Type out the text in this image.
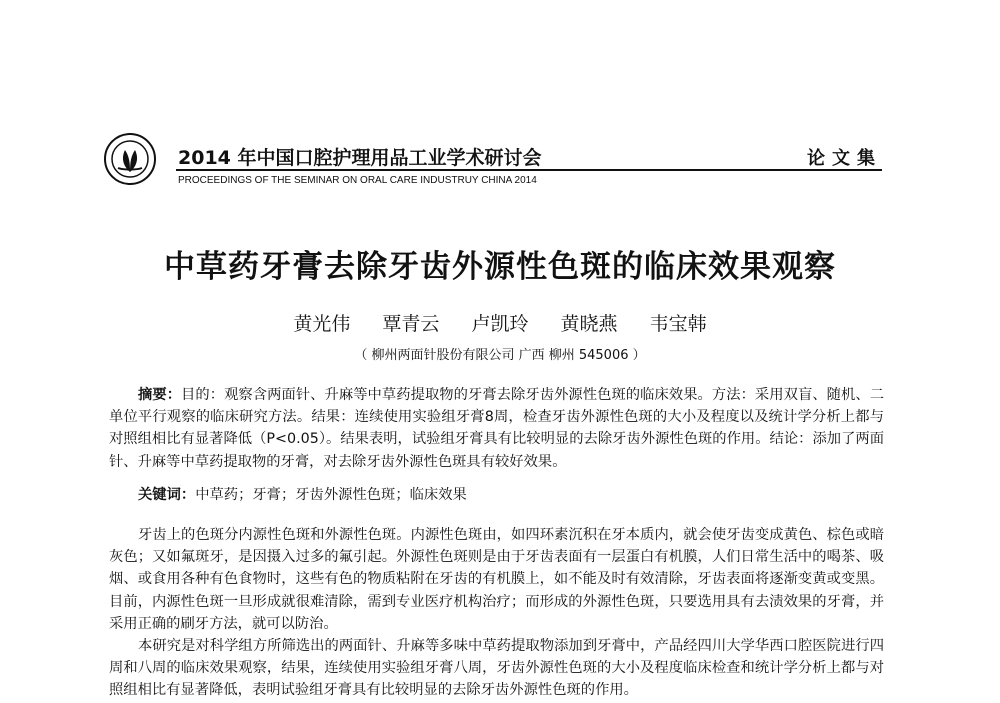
2014 年中国口腔护理用品工业学术研讨会	论文集
PROCEEDINGS OF THE SEMINAR ON ORAL CARE INDUSTRUY CHINA 2014
中草药牙膏去除牙齿外源性色斑的临床效果观察
黄光伟 覃青云 卢凯玲 黄晓燕 韦宝韩
（ 柳州两面针股份有限公司 广西 柳州 545006 ）

摘要：目的：观察含两面针、升麻等中草药提取物的牙膏去除牙齿外源性色斑的临床效果。方法：采用双盲、随机、二单位平行观察的临床研究方法。结果：连续使用实验组牙膏8周，检查牙齿外源性色斑的大小及程度以及统计学分析上都与对照组相比有显著降低（P<0.05）。结果表明，试验组牙膏具有比较明显的去除牙齿外源性色斑的作用。结论：添加了两面针、升麻等中草药提取物的牙膏，对去除牙齿外源性色斑具有较好效果。

关键词：中草药；牙膏；牙齿外源性色斑；临床效果

牙齿上的色斑分内源性色斑和外源性色斑。内源性色斑由，如四环素沉积在牙本质内，就会使牙齿变成黄色、棕色或暗灰色；又如氟斑牙，是因摄入过多的氟引起。外源性色斑则是由于牙齿表面有一层蛋白有机膜，人们日常生活中的喝茶、吸烟、或食用各种有色食物时，这些有色的物质粘附在牙齿的有机膜上，如不能及时有效清除，牙齿表面将逐渐变黄或变黑。目前，内源性色斑一旦形成就很难清除，需到专业医疗机构治疗；而形成的外源性色斑，只要选用具有去渍效果的牙膏，并采用正确的刷牙方法，就可以防治。

本研究是对科学组方所筛选出的两面针、升麻等多味中草药提取物添加到牙膏中，产品经四川大学华西口腔医院进行四周和八周的临床效果观察，结果，连续使用实验组牙膏八周，牙齿外源性色斑的大小及程度临床检查和统计学分析上都与对照组相比有显著降低，表明试验组牙膏具有比较明显的去除牙齿外源性色斑的作用。
